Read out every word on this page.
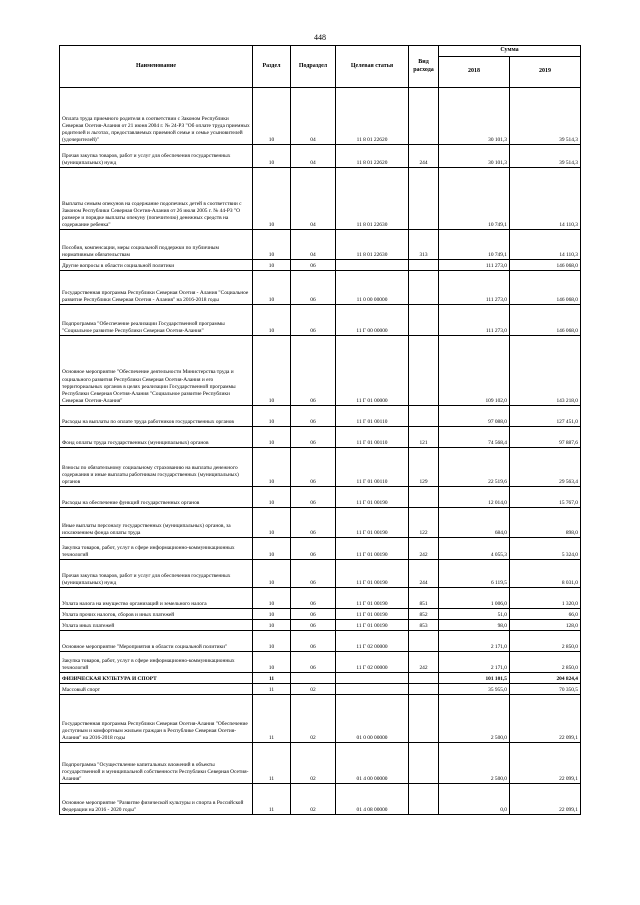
448
Наименование	Раздел	Подраздел	Целевая статья	Вид расхода	Сумма	
					2018	2019
Оплата труда приемного родителя в соответствии с Законом Республики Северная Осетия-Алания от 21 июня 2004 г. № 24-РЗ "Об оплате труда приемных родителей и льготах, предоставляемых приемной семье и семье усыновителей (удочерителей)"	10	04	11 8 01 22620		30 101,3	39 514,3
Прочая закупка товаров, работ и услуг для обеспечения государственных (муниципальных) нужд	10	04	11 8 01 22620	244	30 101,3	39 514,3
Выплаты семьям опекунов на содержание подопечных детей в соответствии с Законом Республики Северная Осетия-Алания от 26 июля 2005 г. № 44-РЗ "О размере и порядке выплаты опекуну (попечителю) денежных средств на содержание ребенка"	10	04	11 8 01 22630		10 749,1	14 110,3
Пособия, компенсации, меры социальной поддержки по публичным нормативным обязательствам	10	04	11 8 01 22630	313	10 749,1	14 110,3
Другие вопросы в области социальной политики	10	06			111 273,0	146 068,0
Государственная программа Республики Северная Осетия - Алания "Социальное развитие Республики Северная Осетия - Алания" на 2016-2018 годы	10	06	11 0 00 00000		111 273,0	146 068,0
Подпрограмма "Обеспечение реализации Государственной программы "Социальное развитие Республики Северная Осетия-Алания"	10	06	11 Г 00 00000		111 273,0	146 068,0
Основное мероприятие "Обеспечение деятельности Министерства труда и социального развития Республики Северная Осетия-Алания и его территориальных органов в целях реализации Государственной программы Республики Северная Осетия-Алания "Социальное развитие Республики Северная Осетия-Алания"	10	06	11 Г 01 00000		109 102,0	143 218,0
Расходы на выплаты по оплате труда работников государственных органов	10	06	11 Г 01 00110		97 088,0	127 451,0
Фонд оплаты труда государственных (муниципальных) органов	10	06	11 Г 01 00110	121	74 568,4	97 887,6
Взносы по обязательному социальному страхованию на выплаты денежного содержания и иные выплаты работникам государственных (муниципальных) органов	10	06	11 Г 01 00110	129	22 519,6	29 563,4
Расходы на обеспечение функций государственных органов	10	06	11 Г 01 00190		12 014,0	15 767,0
Иные выплаты персоналу государственных (муниципальных) органов, за исключением фонда оплаты труда	10	06	11 Г 01 00190	122	684,0	898,0
Закупка товаров, работ, услуг в сфере информационно-коммуникационных технологий	10	06	11 Г 01 00190	242	4 055,3	5 324,0
Прочая закупка товаров, работ и услуг для обеспечения государственных (муниципальных) нужд	10	06	11 Г 01 00190	244	6 119,5	8 031,0
Уплата налога на имущество организаций и земельного налога	10	06	11 Г 01 00190	851	1 006,0	1 320,0
Уплата прочих налогов, сборов и иных платежей	10	06	11 Г 01 00190	852	51,0	66,0
Уплата иных платежей	10	06	11 Г 01 00190	853	98,0	128,0
Основное мероприятие "Мероприятия в области социальной политики"	10	06	11 Г 02 00000		2 171,0	2 850,0
Закупка товаров, работ, услуг в сфере информационно-коммуникационных технологий	10	06	11 Г 02 00000	242	2 171,0	2 850,0
ФИЗИЧЕСКАЯ КУЛЬТУРА И СПОРТ	11				101 101,5	204 824,4
Массовый спорт	11	02			35 955,0	70 350,5
Государственная программа Республики Северная Осетия-Алания "Обеспечение доступным и комфортным жильем граждан в Республике Северная Осетия-Алания" на 2016-2018 годы	11	02	01 0 00 00000		2 500,0	22 099,1
Подпрограмма "Осуществление капитальных вложений в объекты государственной и муниципальной собственности Республики Северная Осетия-Алания"	11	02	01 4 00 00000		2 500,0	22 099,1
Основное мероприятие "Развитие физической культуры и спорта в Российской Федерации на 2016 - 2020 годы"	11	02	01 4 08 00000		0,0	22 099,1
